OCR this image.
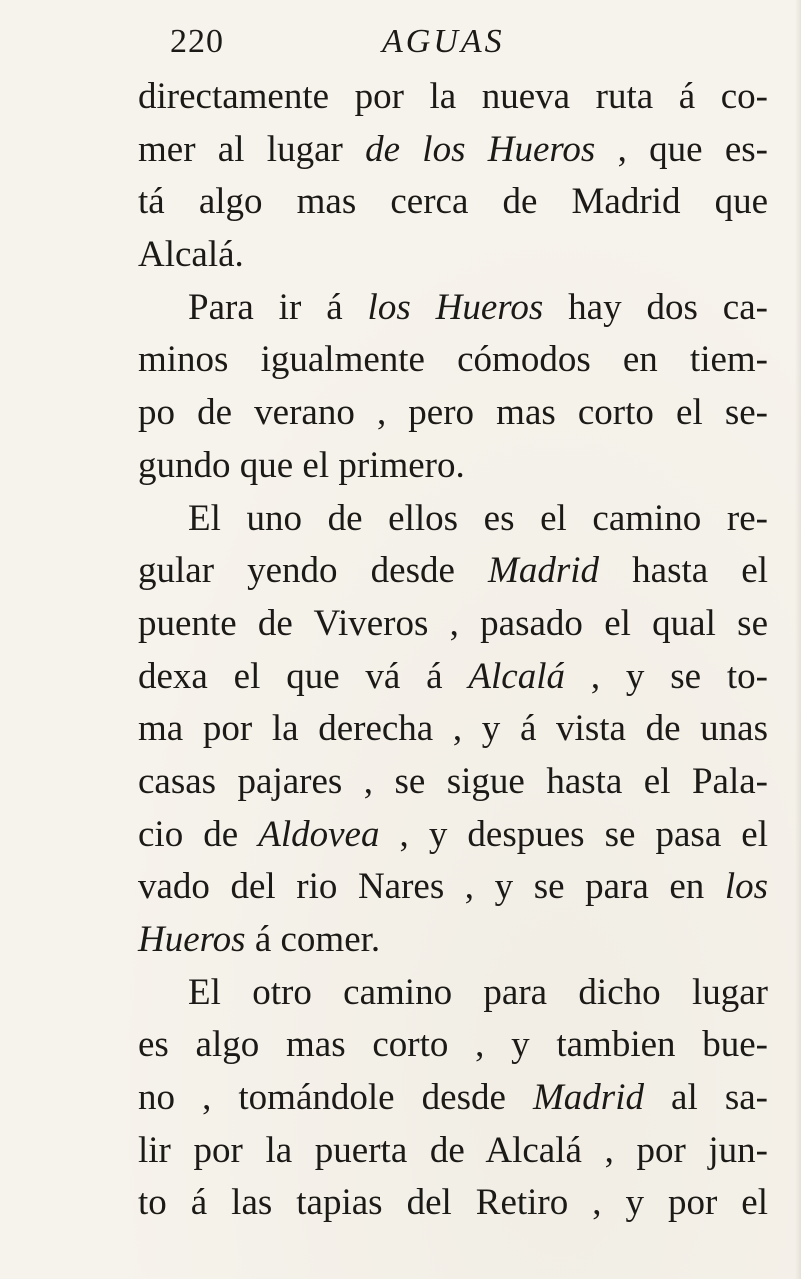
220	AGUAS
directamente por la nueva ruta á co-
mer al lugar de los Hueros , que es-
tá algo mas cerca de Madrid que
Alcalá.
Para ir á los Hueros hay dos ca-
minos igualmente cómodos en tiem-
po de verano , pero mas corto el se-
gundo que el primero.
El uno de ellos es el camino re-
gular yendo desde Madrid hasta el
puente de Viveros , pasado el qual se
dexa el que vá á Alcalá , y se to-
ma por la derecha , y á vista de unas
casas pajares , se sigue hasta el Pala-
cio de Aldovea , y despues se pasa el
vado del rio Nares , y se para en los
Hueros á comer.
El otro camino para dicho lugar
es algo mas corto , y tambien bue-
no , tomándole desde Madrid al sa-
lir por la puerta de Alcalá , por jun-
to á las tapias del Retiro , y por el
